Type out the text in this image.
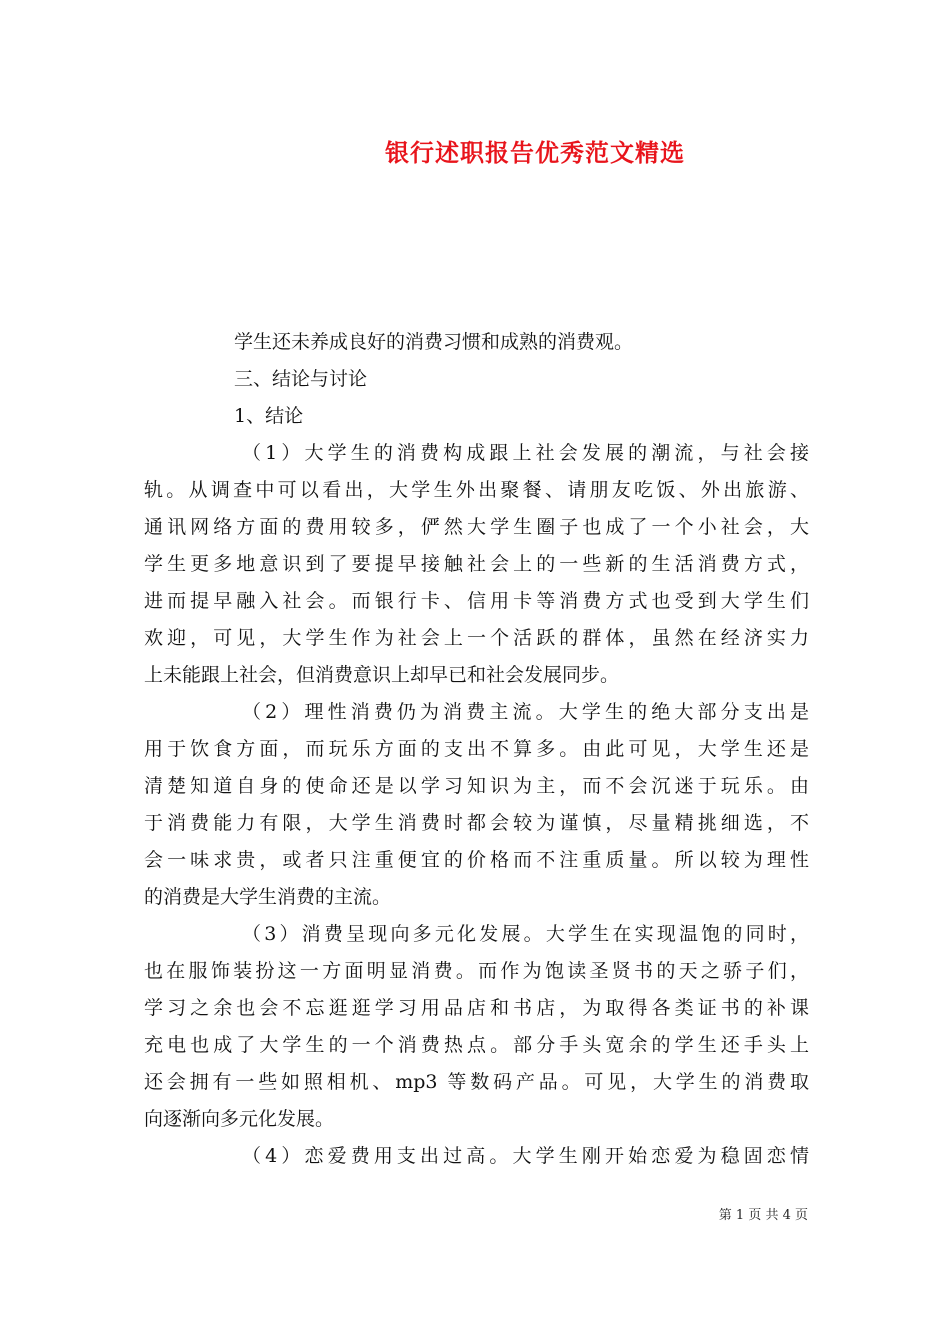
银行述职报告优秀范文精选
学生还未养成良好的消费习惯和成熟的消费观。
三、结论与讨论
1、结论
（1）大学生的消费构成跟上社会发展的潮流，与社会接
轨。从调查中可以看出，大学生外出聚餐、请朋友吃饭、外出旅游、
通讯网络方面的费用较多，俨然大学生圈子也成了一个小社会，大
学生更多地意识到了要提早接触社会上的一些新的生活消费方式，
进而提早融入社会。而银行卡、信用卡等消费方式也受到大学生们
欢迎，可见，大学生作为社会上一个活跃的群体，虽然在经济实力
上未能跟上社会，但消费意识上却早已和社会发展同步。
（2）理性消费仍为消费主流。大学生的绝大部分支出是
用于饮食方面，而玩乐方面的支出不算多。由此可见，大学生还是
清楚知道自身的使命还是以学习知识为主，而不会沉迷于玩乐。由
于消费能力有限，大学生消费时都会较为谨慎，尽量精挑细选，不
会一味求贵，或者只注重便宜的价格而不注重质量。所以较为理性
的消费是大学生消费的主流。
（3）消费呈现向多元化发展。大学生在实现温饱的同时，
也在服饰装扮这一方面明显消费。而作为饱读圣贤书的天之骄子们，
学习之余也会不忘逛逛学习用品店和书店，为取得各类证书的补课
充电也成了大学生的一个消费热点。部分手头宽余的学生还手头上
还会拥有一些如照相机、mp3 等数码产品。可见，大学生的消费取
向逐渐向多元化发展。
（4）恋爱费用支出过高。大学生刚开始恋爱为稳固恋情
第 1 页 共 4 页
